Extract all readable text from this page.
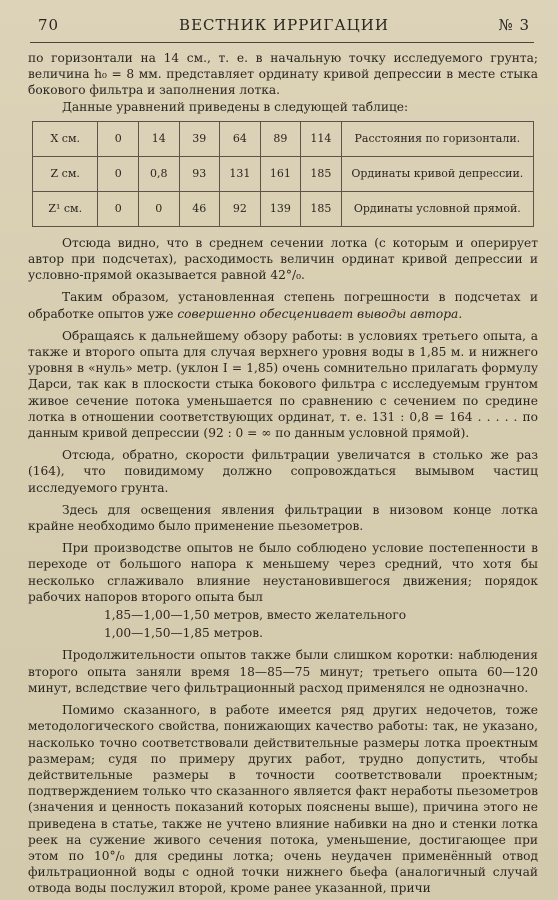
70	ВЕСТНИК ИРРИГАЦИИ	№ 3

по горизонтали на 14 см., т. е. в начальную точку исследуемого грунта; величина h₀ = 8 мм. представляет ординату кривой депрессии в месте стыка бокового фильтра и заполнения лотка.

Данные уравнений приведены в следующей таблице:

X см.	0	14	39	64	89	114	Расстояния по горизонтали.
Z см.	0	0,8	93	131	161	185	Ординаты кривой депрессии.
Z¹ см.	0	0	46	92	139	185	Ординаты условной прямой.

Отсюда видно, что в среднем сечении лотка (с которым и оперирует автор при подсчетах), расходимость величин ординат кривой депрессии и условно-прямой оказывается равной 42°/₀.

Таким образом, установленная степень погрешности в подсчетах и обработке опытов уже совершенно обесценивает выводы автора.

Обращаясь к дальнейшему обзору работы: в условиях третьего опыта, а также и второго опыта для случая верхнего уровня воды в 1,85 м. и нижнего уровня в «нуль» метр. (уклон I = 1,85) очень сомнительно прилагать формулу Дарси, так как в плоскости стыка бокового фильтра с исследуемым грунтом живое сечение потока уменьшается по сравнению с сечением по средине лотка в отношении соответствующих ординат, т. е. 131 : 0,8 = 164 . . . . . по данным кривой депрессии (92 : 0 = ∞ по данным условной прямой).

Отсюда, обратно, скорости фильтрации увеличатся в столько же раз (164), что повидимому должно сопровождаться вымывом частиц исследуемого грунта.

Здесь для освещения явления фильтрации в низовом конце лотка крайне необходимо было применение пьезометров.

При производстве опытов не было соблюдено условие постепенности в переходе от большого напора к меньшему через средний, что хотя бы несколько сглаживало влияние неустановившегося движения; порядок рабочих напоров второго опыта был

1,85—1,00—1,50 метров, вместо желательного

1,00—1,50—1,85 метров.

Продолжительности опытов также были слишком коротки: наблюдения второго опыта заняли время 18—85—75 минут; третьего опыта 60—120 минут, вследствие чего фильтрационный расход применялся не однозначно.

Помимо сказанного, в работе имеется ряд других недочетов, тоже методологического свойства, понижающих качество работы: так, не указано, насколько точно соответствовали действительные размеры лотка проектным размерам; судя по примеру других работ, трудно допустить, чтобы действительные размеры в точности соответствовали проектным; подтверждением только что сказанного является факт неработы пьезометров (значения и ценность показаний которых пояснены выше), причина этого не приведена в статье, также не учтено влияние набивки на дно и стенки лотка реек на сужение живого сечения потока, уменьшение, достигающее при этом по 10°/₀ для средины лотка; очень неудачен применённый отвод фильтрационной воды с одной точки нижнего бьефа (аналогичный случай отвода воды послужил второй, кроме ранее указанной, причи
